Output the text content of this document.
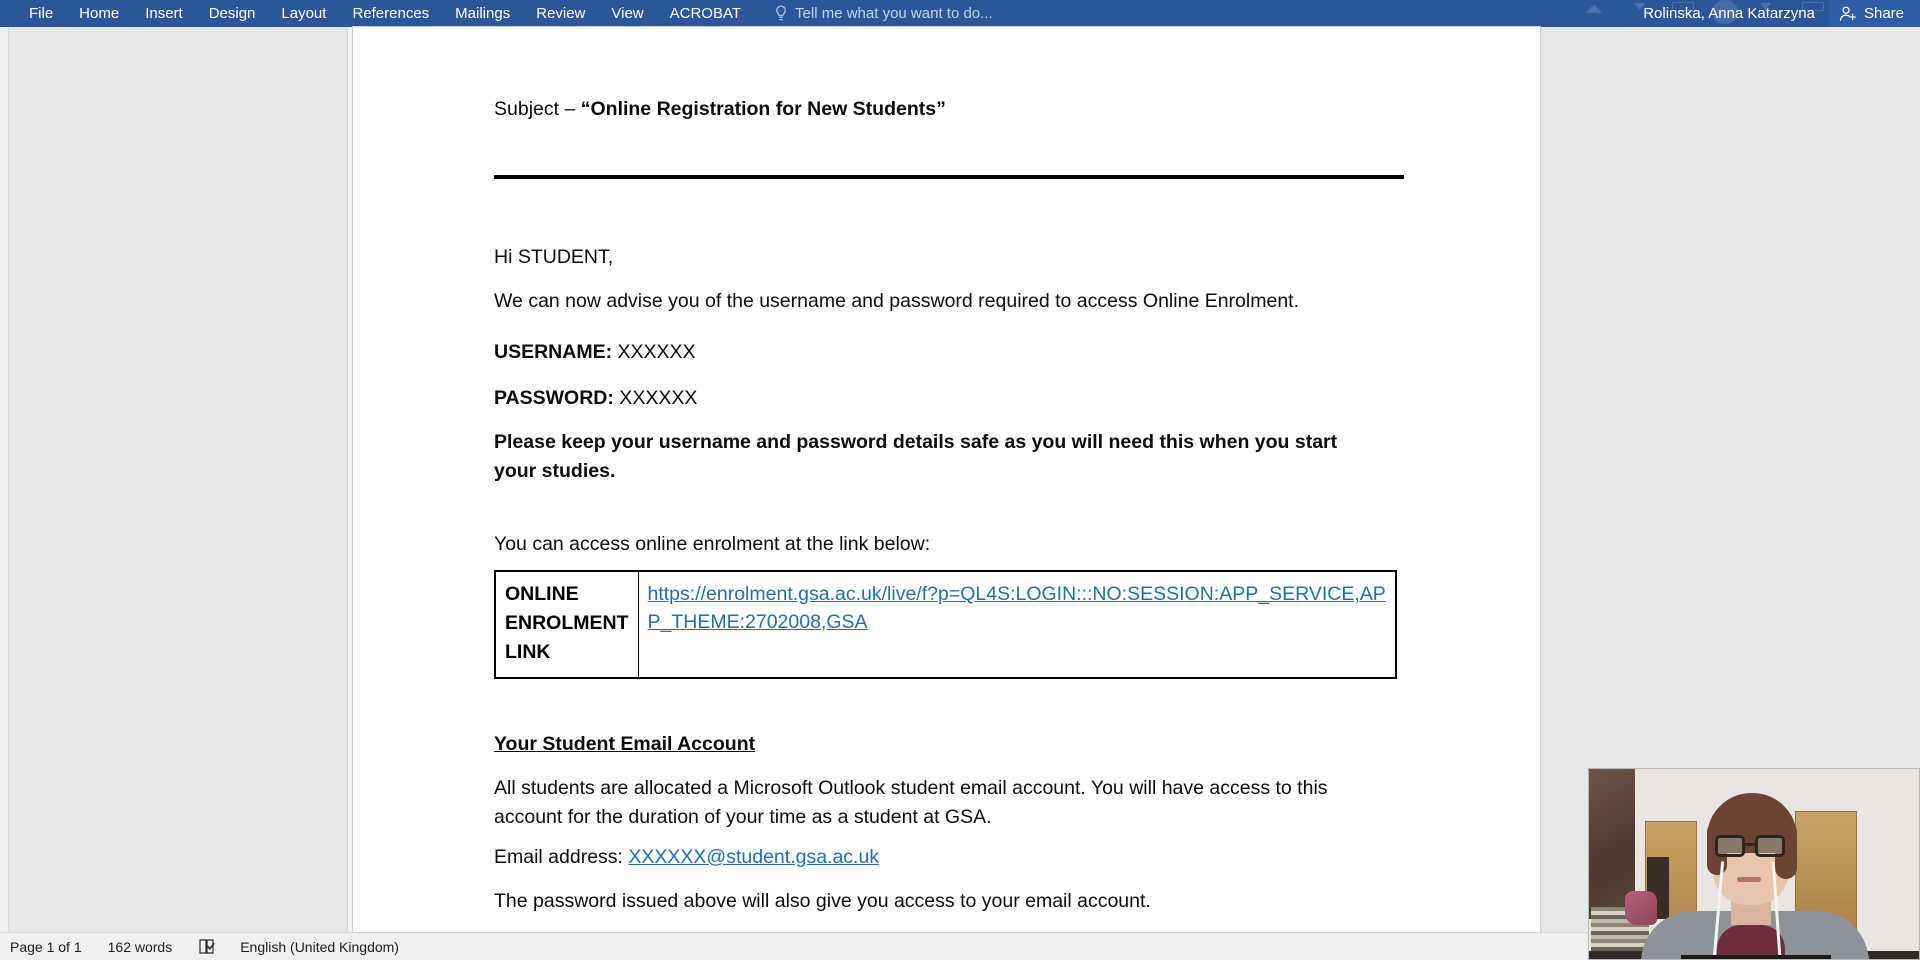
File	Home	Insert	Design	Layout	References	Mailings	Review	View	ACROBAT	Tell me what you want to do...	Rolinska, Anna Katarzyna	Share
Subject – “Online Registration for New Students”
Hi STUDENT,
We can now advise you of the username and password required to access Online Enrolment.
USERNAME: XXXXXX
PASSWORD: XXXXXX
Please keep your username and password details safe as you will need this when you start your studies.
You can access online enrolment at the link below:
ONLINE ENROLMENT LINK	https://enrolment.gsa.ac.uk/live/f?p=QL4S:LOGIN:::NO:SESSION:APP_SERVICE,APP_THEME:2702008,GSA
Your Student Email Account
All students are allocated a Microsoft Outlook student email account. You will have access to this account for the duration of your time as a student at GSA.
Email address: XXXXXX@student.gsa.ac.uk
The password issued above will also give you access to your email account.
Page 1 of 1 162 words	English (United Kingdom)
